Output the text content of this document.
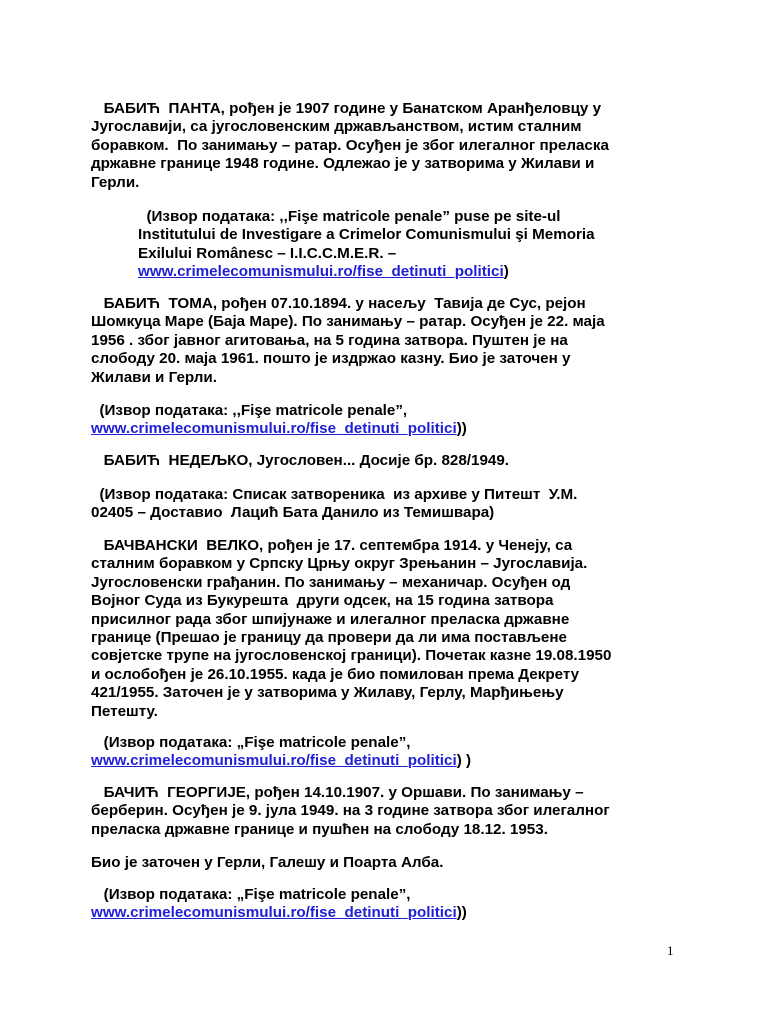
БАБИЋ  ПАНТА, рођен је 1907 године у Банатском Аранђеловцу у
Југославији, са југословенским држављанством, истим сталним
боравком.  По занимању – ратар. Осуђен је због илегалног преласка
државне границе 1948 године. Одлежао је у затворима у Жилави и
Герли.

(Извор података: ,,Fişe matricole penale” puse pe site-ul
Institutului de Investigare a Crimelor Comunismului şi Memoria
Exilului Românesc – I.I.C.C.M.E.R. –
www.crimelecomunismului.ro/fise_detinuti_politici)

БАБИЋ  ТОМА, рођен 07.10.1894. у насељу  Тавија де Сус, рејон
Шомкуца Маре (Баја Маре). По занимању – ратар. Осуђен је 22. маја
1956 . због јавног агитовања, на 5 година затвора. Пуштен је на
слободу 20. маја 1961. пошто је издржао казну. Био је заточен у
Жилави и Герли.

(Извор података: ,,Fişe matricole penale”,
www.crimelecomunismului.ro/fise_detinuti_politici))

БАБИЋ  НЕДЕЉКО, Југословен... Досије бр. 828/1949.

(Извор података: Списак затвореника  из архиве у Питешт  У.М.
02405 – Доставио  Лацић Бата Данило из Темишвара)

БАЧВАНСКИ  ВЕЛКО, рођен је 17. септембра 1914. у Ченеју, са
сталним боравком у Српску Црњу округ Зрењанин – Југославија.
Југословенски грађанин. По занимању – механичар. Осуђен од
Војног Суда из Букурешта  други одсек, на 15 година затвора
присилног рада због шпијунаже и илегалног преласка државне
границе (Прешао је границу да провери да ли има постављене
совјетске трупе на југословенској граници). Почетак казне 19.08.1950
и ослобођен је 26.10.1955. када је био помилован према Декрету
421/1955. Заточен је у затворима у Жилаву, Герлу, Марђињењу
Петешту.

(Извор података: „Fişe matricole penale”,
www.crimelecomunismului.ro/fise_detinuti_politici) )

БАЧИЋ  ГЕОРГИЈЕ, рођен 14.10.1907. у Оршави. По занимању –
берберин. Осуђен је 9. јула 1949. на 3 године затвора због илегалног
преласка државне границе и пушћен на слободу 18.12. 1953.

Био је заточен у Герли, Галешу и Поарта Алба.

(Извор података: „Fişe matricole penale”,
www.crimelecomunismului.ro/fise_detinuti_politici))

1
